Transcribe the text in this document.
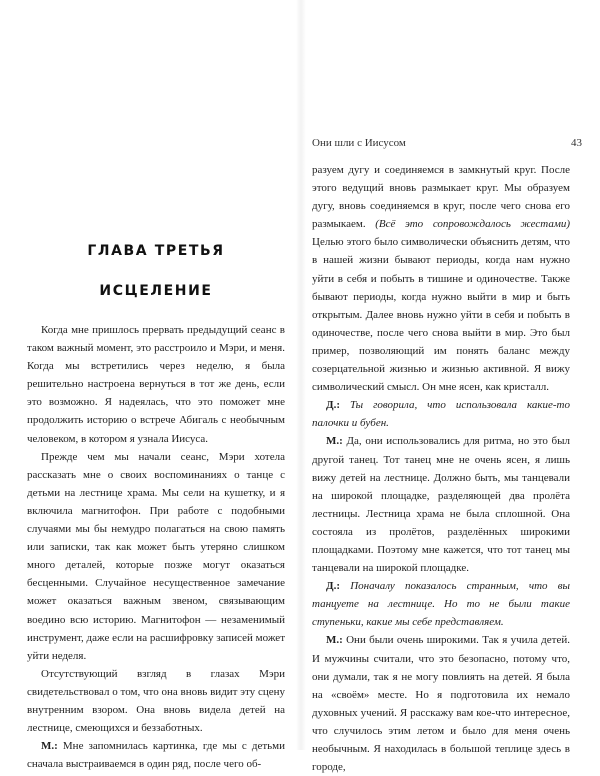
ГЛАВА ТРЕТЬЯ
ИСЦЕЛЕНИЕ

Когда мне пришлось прервать предыдущий сеанс в таком важный момент, это расстроило и Мэри, и меня. Когда мы встретились через неделю, я была решительно настроена вернуться в тот же день, если это возможно. Я надеялась, что это поможет мне продолжить историю о встрече Абигаль с необычным человеком, в котором я узнала Иисуса.

Прежде чем мы начали сеанс, Мэри хотела рассказать мне о своих воспоминаниях о танце с детьми на лестнице храма. Мы сели на кушетку, и я включила магнитофон. При работе с подобными случаями мы бы немудро полагаться на свою память или записки, так как может быть утеряно слишком много деталей, которые позже могут оказаться бесценными. Случайное несущественное замечание может оказаться важным звеном, связывающим воедино всю историю. Магнитофон — незаменимый инструмент, даже если на расшифровку записей может уйти неделя.

Отсутствующий взгляд в глазах Мэри свидетельствовал о том, что она вновь видит эту сцену внутренним взором. Она вновь видела детей на лестнице, смеющихся и беззаботных.

М.: Мне запомнилась картинка, где мы с детьми сначала выстраиваемся в один ряд, после чего об-

Они шли с Иисусом	43

разуем дугу и соединяемся в замкнутый круг. После этого ведущий вновь размыкает круг. Мы образуем дугу, вновь соединяемся в круг, после чего снова его размыкаем. (Всё это сопровождалось жестами) Целью этого было символически объяснить детям, что в нашей жизни бывают периоды, когда нам нужно уйти в себя и побыть в тишине и одиночестве. Также бывают периоды, когда нужно выйти в мир и быть открытым. Далее вновь нужно уйти в себя и побыть в одиночестве, после чего снова выйти в мир. Это был пример, позволяющий им понять баланс между созерцательной жизнью и жизнью активной. Я вижу символический смысл. Он мне ясен, как кристалл.

Д.: Ты говорила, что использовала какие-то палочки и бубен.

М.: Да, они использовались для ритма, но это был другой танец. Тот танец мне не очень ясен, я лишь вижу детей на лестнице. Должно быть, мы танцевали на широкой площадке, разделяющей два пролёта лестницы. Лестница храма не была сплошной. Она состояла из пролётов, разделённых широкими площадками. Поэтому мне кажется, что тот танец мы танцевали на широкой площадке.

Д.: Поначалу показалось странным, что вы танцуете на лестнице. Но то не были такие ступеньки, какие мы себе представляем.

М.: Они были очень широкими. Так я учила детей. И мужчины считали, что это безопасно, потому что, они думали, так я не могу повлиять на детей. Я была на «своём» месте. Но я подготовила их немало духовных учений. Я расскажу вам кое-что интересное, что случилось этим летом и было для меня очень необычным. Я находилась в большой теплице здесь в городе,
